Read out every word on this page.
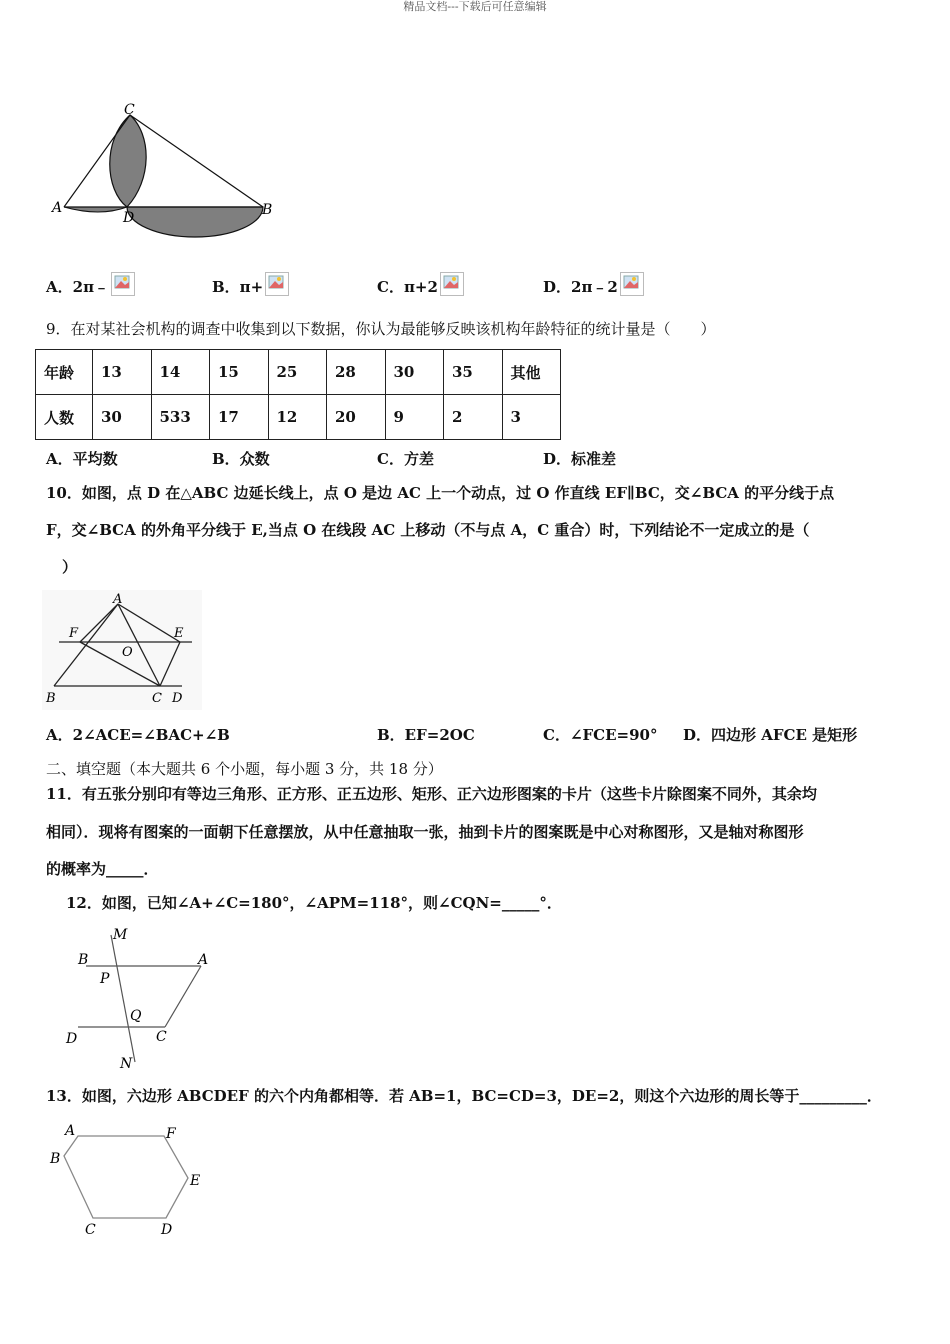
精品文档---下载后可任意编辑
C
A
D	B
A．2π﹣	B．π+	C．π+2	D．2π﹣2
9．在对某社会机构的调查中收集到以下数据，你认为最能够反映该机构年龄特征的统计量是（　　）
年龄	13	14	15	25	28	30	35	其他
人数	30	533	17	12	20	9	2	3
A．平均数	B．众数	C．方差	D．标准差
10．如图，点 D 在△ABC 边延长线上，点 O 是边 AC 上一个动点，过 O 作直线 EF∥BC，交∠BCA 的平分线于点
F，交∠BCA 的外角平分线于 E,当点 O 在线段 AC 上移动（不与点 A，C 重合）时，下列结论不一定成立的是（
）
A
F	E
O
B	C D
A．2∠ACE=∠BAC+∠B	B．EF=2OC	C．∠FCE=90° D．四边形 AFCE 是矩形
二、填空题（本大题共 6 个小题，每小题 3 分，共 18 分）
11．有五张分别印有等边三角形、正方形、正五边形、矩形、正六边形图案的卡片（这些卡片除图案不同外，其余均
相同）．现将有图案的一面朝下任意摆放，从中任意抽取一张，抽到卡片的图案既是中心对称图形，又是轴对称图形
的概率为_____．
12．如图，已知∠A+∠C=180°，∠APM=118°，则∠CQN=_____°．
M
B	A
P
Q
D	C
N
13．如图，六边形 ABCDEF 的六个内角都相等．若 AB=1，BC=CD=3，DE=2，则这个六边形的周长等于_________．
A	F
B
E
C	D
